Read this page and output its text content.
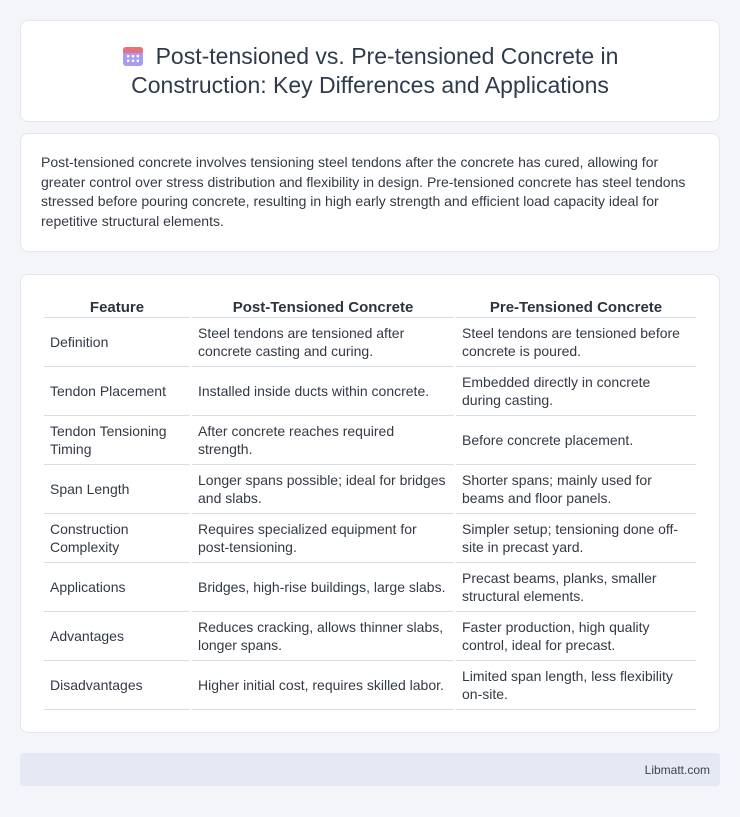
Post-tensioned vs. Pre-tensioned Concrete in Construction: Key Differences and Applications

Post-tensioned concrete involves tensioning steel tendons after the concrete has cured, allowing for greater control over stress distribution and flexibility in design. Pre-tensioned concrete has steel tendons stressed before pouring concrete, resulting in high early strength and efficient load capacity ideal for repetitive structural elements.

Feature	Post-Tensioned Concrete	Pre-Tensioned Concrete
Definition	Steel tendons are tensioned after concrete casting and curing.	Steel tendons are tensioned before concrete is poured.
Tendon Placement	Installed inside ducts within concrete.	Embedded directly in concrete during casting.
Tendon Tensioning Timing	After concrete reaches required strength.	Before concrete placement.
Span Length	Longer spans possible; ideal for bridges and slabs.	Shorter spans; mainly used for beams and floor panels.
Construction Complexity	Requires specialized equipment for post-tensioning.	Simpler setup; tensioning done off-site in precast yard.
Applications	Bridges, high-rise buildings, large slabs.	Precast beams, planks, smaller structural elements.
Advantages	Reduces cracking, allows thinner slabs, longer spans.	Faster production, high quality control, ideal for precast.
Disadvantages	Higher initial cost, requires skilled labor.	Limited span length, less flexibility on-site.
Libmatt.com
